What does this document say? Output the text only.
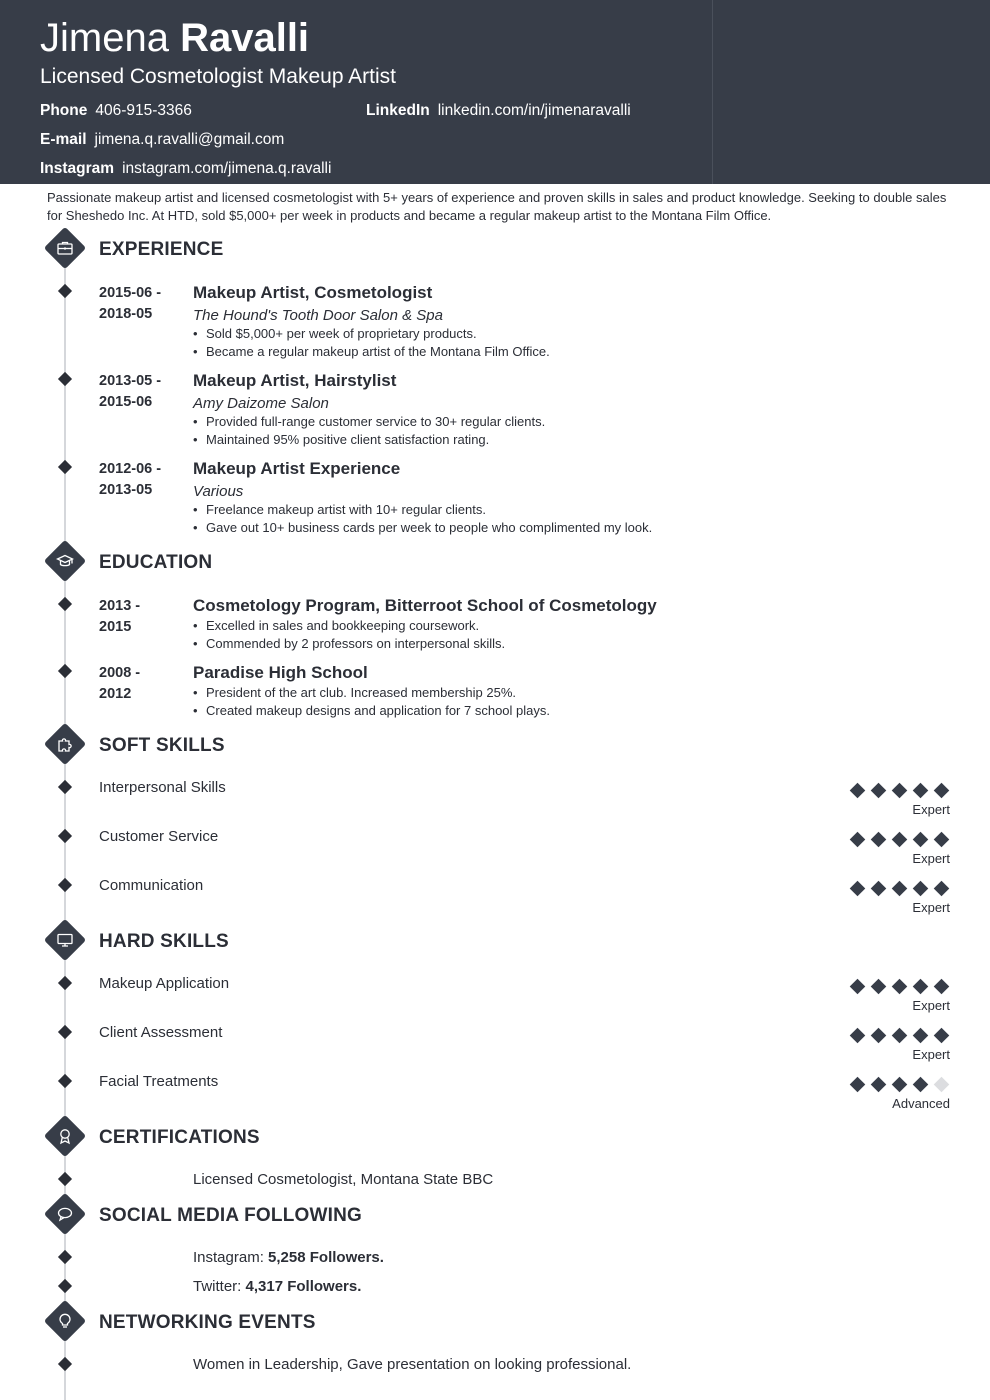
Jimena Ravalli
Licensed Cosmetologist Makeup Artist
Phone 406-915-3366	LinkedIn linkedin.com/in/jimenaravalli
E-mail jimena.q.ravalli@gmail.com
Instagram instagram.com/jimena.q.ravalli
Passionate makeup artist and licensed cosmetologist with 5+ years of experience and proven skills in sales and product knowledge. Seeking to double sales for Sheshedo Inc. At HTD, sold $5,000+ per week in products and became a regular makeup artist to the Montana Film Office.
EXPERIENCE
2015-06 -
2018-05
Makeup Artist, Cosmetologist
The Hound's Tooth Door Salon & Spa
• Sold $5,000+ per week of proprietary products.
• Became a regular makeup artist of the Montana Film Office.
2013-05 -
2015-06
Makeup Artist, Hairstylist
Amy Daizome Salon
• Provided full-range customer service to 30+ regular clients.
• Maintained 95% positive client satisfaction rating.
2012-06 -
2013-05
Makeup Artist Experience
Various
• Freelance makeup artist with 10+ regular clients.
• Gave out 10+ business cards per week to people who complimented my look.
EDUCATION
2013 -
2015
Cosmetology Program, Bitterroot School of Cosmetology
• Excelled in sales and bookkeeping coursework.
• Commended by 2 professors on interpersonal skills.
2008 -
2012
Paradise High School
• President of the art club. Increased membership 25%.
• Created makeup designs and application for 7 school plays.
SOFT SKILLS
Interpersonal Skills
Expert
Customer Service
Expert
Communication
Expert
HARD SKILLS
Makeup Application
Expert
Client Assessment
Expert
Facial Treatments
Advanced
CERTIFICATIONS
Licensed Cosmetologist, Montana State BBC
SOCIAL MEDIA FOLLOWING
Instagram: 5,258 Followers.
Twitter: 4,317 Followers.
NETWORKING EVENTS
Women in Leadership, Gave presentation on looking professional.
